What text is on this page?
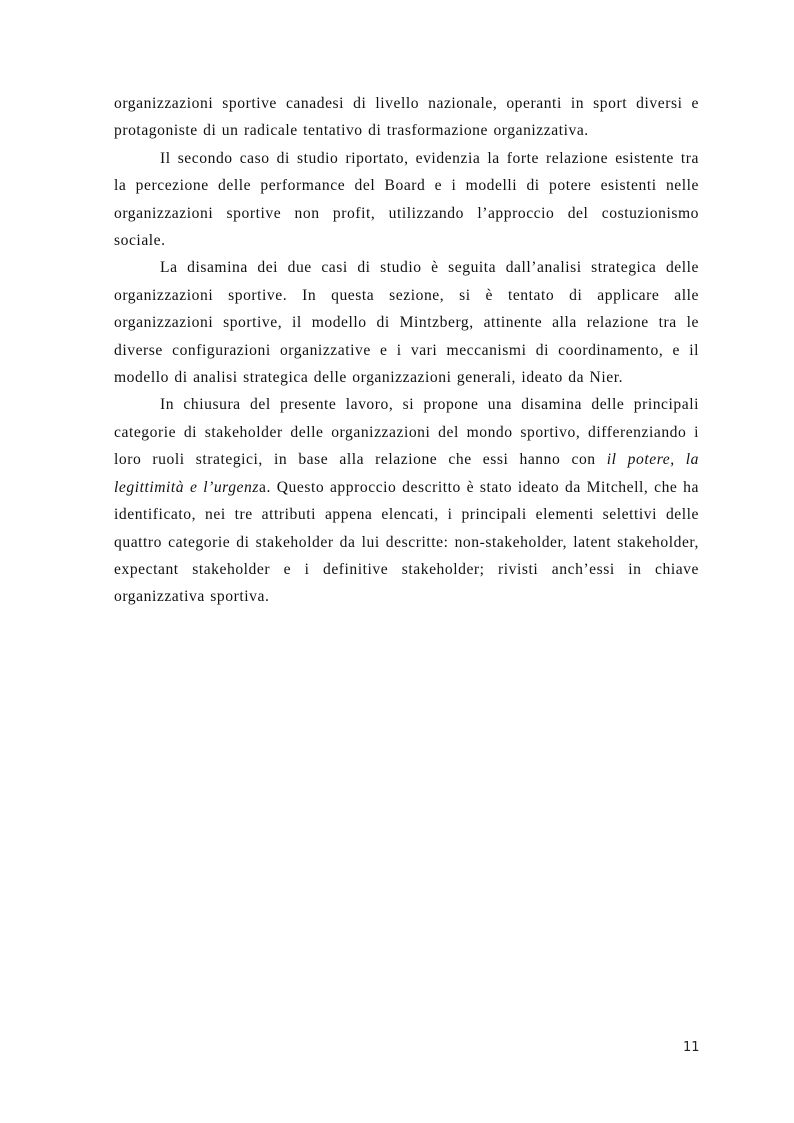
organizzazioni sportive canadesi di livello nazionale, operanti in sport diversi e protagoniste di un radicale tentativo di trasformazione organizzativa.

Il secondo caso di studio riportato, evidenzia la forte relazione esistente tra la percezione delle performance del Board e i modelli di potere esistenti nelle organizzazioni sportive non profit, utilizzando l’approccio del costuzionismo sociale.

La disamina dei due casi di studio è seguita dall’analisi strategica delle organizzazioni sportive. In questa sezione, si è tentato di applicare alle organizzazioni sportive, il modello di Mintzberg, attinente alla relazione tra le diverse configurazioni organizzative e i vari meccanismi di coordinamento, e il modello di analisi strategica delle organizzazioni generali, ideato da Nier.

In chiusura del presente lavoro, si propone una disamina delle principali categorie di stakeholder delle organizzazioni del mondo sportivo, differenziando i loro ruoli strategici, in base alla relazione che essi hanno con il potere, la legittimità e l’urgenza. Questo approccio descritto è stato ideato da Mitchell, che ha identificato, nei tre attributi appena elencati, i principali elementi selettivi delle quattro categorie di stakeholder da lui descritte: non-stakeholder, latent stakeholder, expectant stakeholder e i definitive stakeholder; rivisti anch’essi in chiave organizzativa sportiva.

11
